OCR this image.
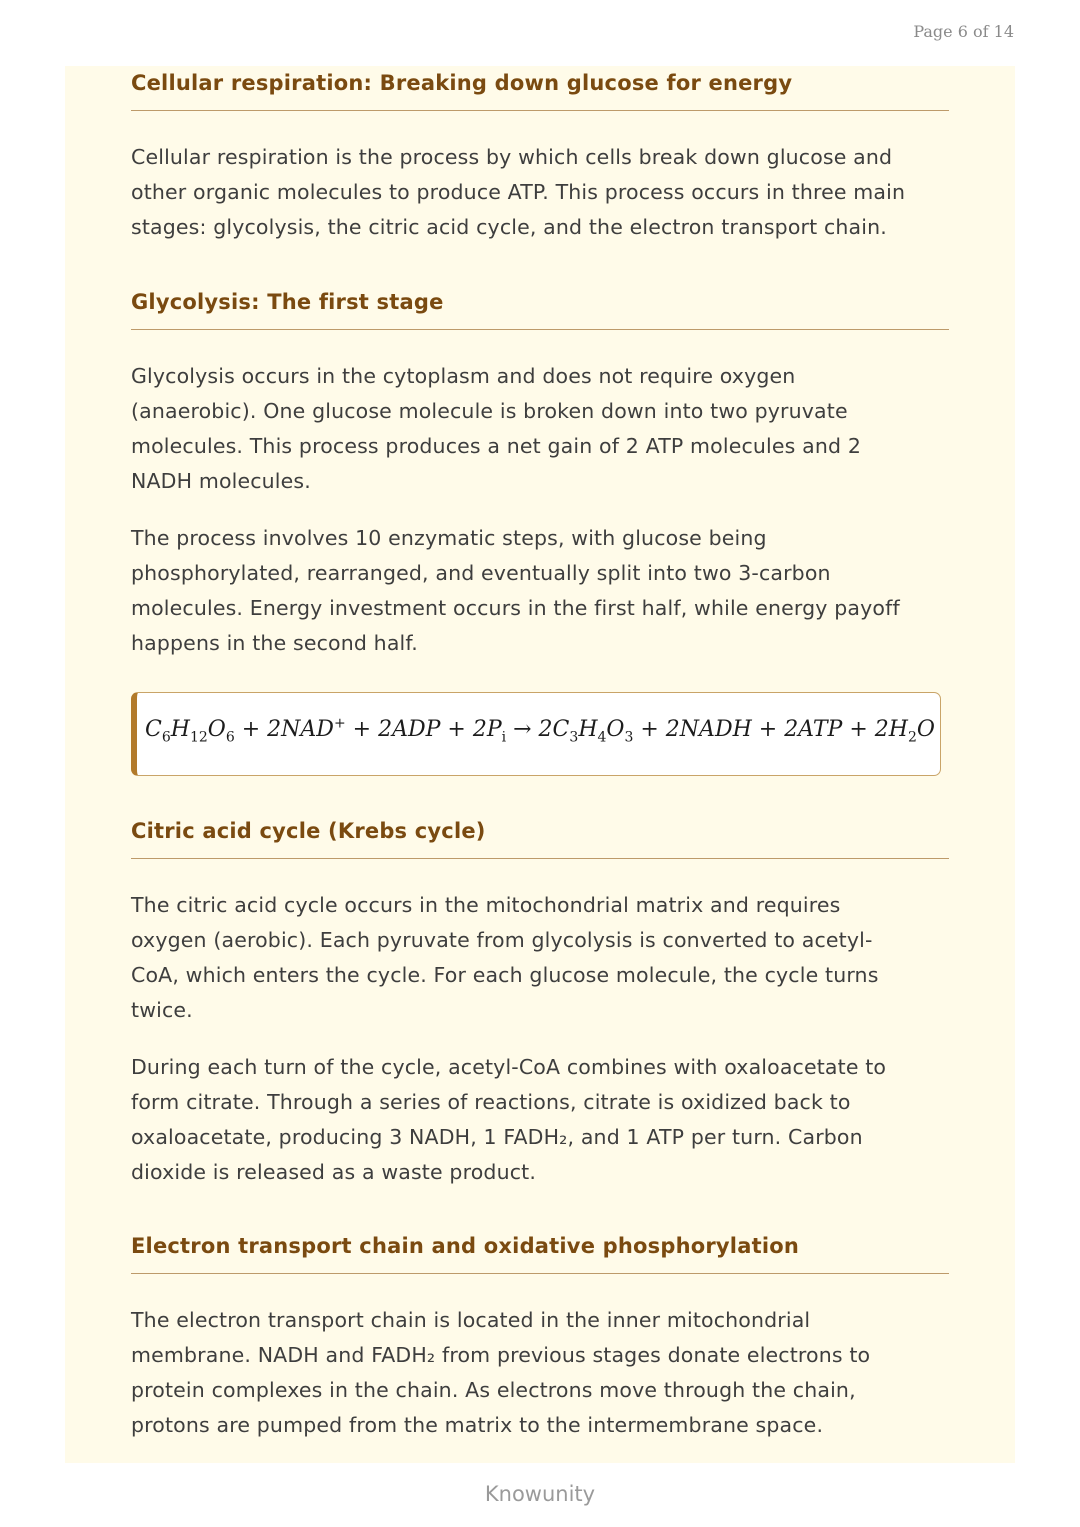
Page 6 of 14
Cellular respiration: Breaking down glucose for energy

Cellular respiration is the process by which cells break down glucose and

other organic molecules to produce ATP. This process occurs in three main

stages: glycolysis, the citric acid cycle, and the electron transport chain.

Glycolysis: The first stage

Glycolysis occurs in the cytoplasm and does not require oxygen

(anaerobic). One glucose molecule is broken down into two pyruvate

molecules. This process produces a net gain of 2 ATP molecules and 2

NADH molecules.

The process involves 10 enzymatic steps, with glucose being

phosphorylated, rearranged, and eventually split into two 3-carbon

molecules. Energy investment occurs in the first half, while energy payoff

happens in the second half.

$C_6H_{12}O_6 + 2NAD^+ + 2ADP + 2P_i \to 2C_3H_4O_3$ + 2NADH + $2ATP + 2H_2O$
Citric acid cycle (Krebs cycle)

The citric acid cycle occurs in the mitochondrial matrix and requires

oxygen (aerobic). Each pyruvate from glycolysis is converted to acetyl-

CoA, which enters the cycle. For each glucose molecule, the cycle turns

twice.

During each turn of the cycle, acetyl-CoA combines with oxaloacetate to

form citrate. Through a series of reactions, citrate is oxidized back to

oxaloacetate, producing 3 NADH, 1 FADH₂, and 1 ATP per turn. Carbon

dioxide is released as a waste product.

Electron transport chain and oxidative phosphorylation

The electron transport chain is located in the inner mitochondrial

membrane. NADH and FADH₂ from previous stages donate electrons to

protein complexes in the chain. As electrons move through the chain,

protons are pumped from the matrix to the intermembrane space.

Knowunity
